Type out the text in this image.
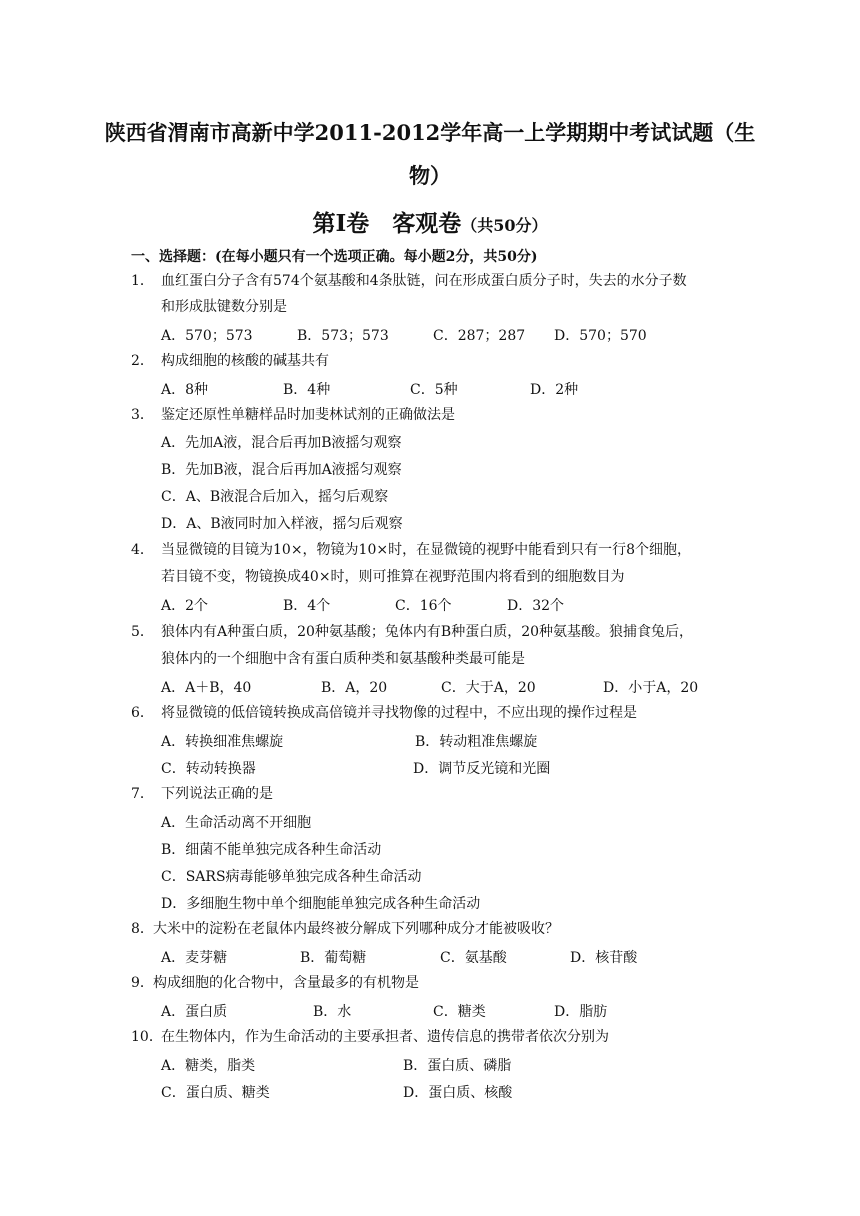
陕西省渭南市高新中学2011-2012学年高一上学期期中考试试题（生
物）
第Ⅰ卷　客观卷（共50分）
一、选择题：(在每小题只有一个选项正确。每小题2分，共50分)
1． 血红蛋白分子含有574个氨基酸和4条肽链，问在形成蛋白质分子时，失去的水分子数
和形成肽键数分别是
A．570；573	B．573；573	C．287；287 D．570；570
2． 构成细胞的核酸的碱基共有
A．8种	B．4种	C．5种	D．2种
3． 鉴定还原性单糖样品时加斐林试剂的正确做法是
A．先加A液，混合后再加B液摇匀观察
B．先加B液，混合后再加A液摇匀观察
C．A、B液混合后加入，摇匀后观察
D．A、B液同时加入样液，摇匀后观察
4． 当显微镜的目镜为10×，物镜为10×时，在显微镜的视野中能看到只有一行8个细胞，
若目镜不变，物镜换成40×时，则可推算在视野范围内将看到的细胞数目为
A．2个	B．4个	C．16个	D．32个
5． 狼体内有A种蛋白质，20种氨基酸；兔体内有B种蛋白质，20种氨基酸。狼捕食兔后，
狼体内的一个细胞中含有蛋白质种类和氨基酸种类最可能是
A．A＋B，40	B．A，20	C．大于A，20	D．小于A，20
6． 将显微镜的低倍镜转换成高倍镜并寻找物像的过程中，不应出现的操作过程是
A．转换细准焦螺旋	B．转动粗准焦螺旋
C．转动转换器	D．调节反光镜和光圈
7． 下列说法正确的是
A．生命活动离不开细胞
B．细菌不能单独完成各种生命活动
C．SARS病毒能够单独完成各种生命活动
D．多细胞生物中单个细胞能单独完成各种生命活动
8．大米中的淀粉在老鼠体内最终被分解成下列哪种成分才能被吸收？
A．麦芽糖	B．葡萄糖	C．氨基酸	D．核苷酸
9．构成细胞的化合物中，含量最多的有机物是
A．蛋白质	B．水	C．糖类	D．脂肪
10．在生物体内，作为生命活动的主要承担者、遗传信息的携带者依次分别为
A．糖类，脂类	B．蛋白质、磷脂
C．蛋白质、糖类	D．蛋白质、核酸
